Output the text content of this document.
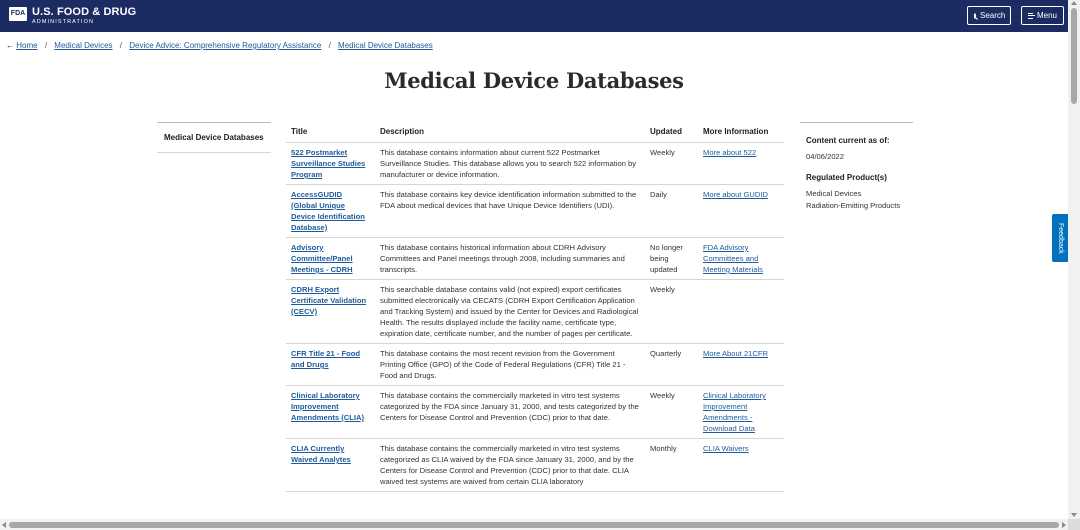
FDA U.S. FOOD & DRUG
ADMINISTRATION
Search	Menu
← Home / Medical Devices / Device Advice: Comprehensive Regulatory Assistance / Medical Device Databases
Medical Device Databases
Medical Device Databases
Title	Description	Updated	More Information
522 Postmarket Surveillance Studies Program	This database contains information about current 522 Postmarket Surveillance Studies. This database allows you to search 522 information by manufacturer or device information.	Weekly	More about 522
AccessGUDID (Global Unique Device Identification Database)	This database contains key device identification information submitted to the FDA about medical devices that have Unique Device Identifiers (UDI).	Daily	More about GUDID
Advisory Committee/Panel Meetings - CDRH	This database contains historical information about CDRH Advisory Committees and Panel meetings through 2008, including summaries and transcripts.	No longer being updated	FDA Advisory Committees and Meeting Materials
CDRH Export Certificate Validation (CECV)	This searchable database contains valid (not expired) export certificates submitted electronically via CECATS (CDRH Export Certification Application and Tracking System) and issued by the Center for Devices and Radiological Health. The results displayed include the facility name, certificate type, expiration date, certificate number, and the number of pages per certificate.	Weekly	
CFR Title 21 - Food and Drugs	This database contains the most recent revision from the Government Printing Office (GPO) of the Code of Federal Regulations (CFR) Title 21 - Food and Drugs.	Quarterly	More About 21CFR
Clinical Laboratory Improvement Amendments (CLIA)	This database contains the commercially marketed in vitro test systems categorized by the FDA since January 31, 2000, and tests categorized by the Centers for Disease Control and Prevention (CDC) prior to that date.	Weekly	Clinical Laboratory Improvement Amendments - Download Data
CLIA Currently Waived Analytes	This database contains the commercially marketed in vitro test systems categorized as CLIA waived by the FDA since January 31, 2000, and by the Centers for Disease Control and Prevention (CDC) prior to that date. CLIA waived test systems are waived from certain CLIA laboratory	Monthly	CLIA Waivers
Content current as of:
04/06/2022
Regulated Product(s)
Medical Devices
Radiation-Emitting Products
Feedback
